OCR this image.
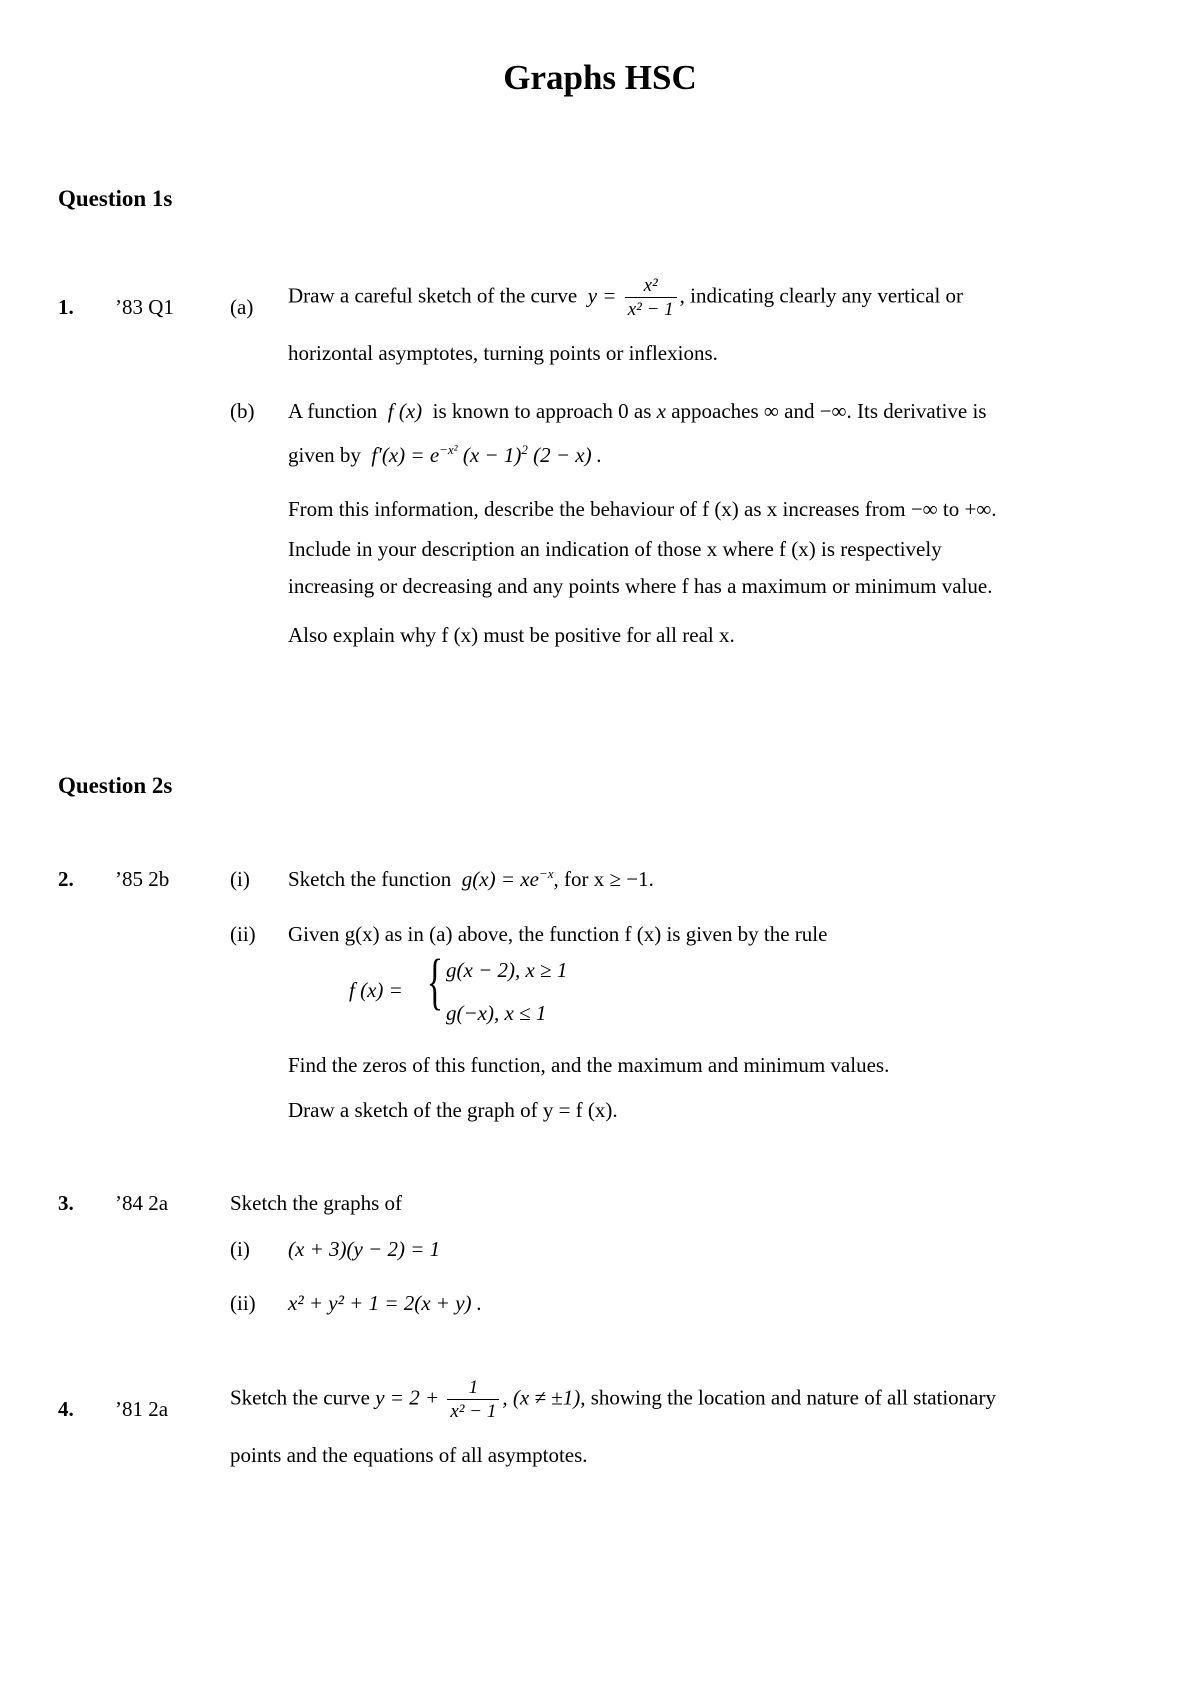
Graphs HSC
Question 1s
1. ’83 Q1	(a) Draw a careful sketch of the curve  $y = \frac{\text{x²}}{\text{x² − 1}}$ , indicating clearly any vertical or
horizontal asymptotes, turning points or inflexions.
(b) A function  f (x)  is known to approach 0 as x appoaches ∞ and −∞. Its derivative is
given by $f'(x) = e^{-x^2}$ $(x - 1)^2$ (2 − x) .
From this information, describe the behaviour of f (x) as x increases from −∞ to +∞.
Include in your description an indication of those x where f (x) is respectively
increasing or decreasing and any points where f has a maximum or minimum value.
Also explain why f (x) must be positive for all real x.
Question 2s
2. ’85 2b	(i) Sketch the function $g(x) = xe^{-x}$, for x ≥ −1.
(ii) Given g(x) as in (a) above, the function f (x) is given by the rule
f (x) = { g(x − 2), x ≥ 1
g(−x), x ≤ 1
Find the zeros of this function, and the maximum and minimum values.
Draw a sketch of the graph of y = f (x).
3. ’84 2a	Sketch the graphs of
(i) (x + 3)(y − 2) = 1
(ii) x² + y² + 1 = 2(x + y) .
4. ’81 2a	Sketch the curve $y = 2 + \frac{1}{\text{x² − 1}}$ , (x ≠ ±1), showing the location and nature of all stationary
points and the equations of all asymptotes.
